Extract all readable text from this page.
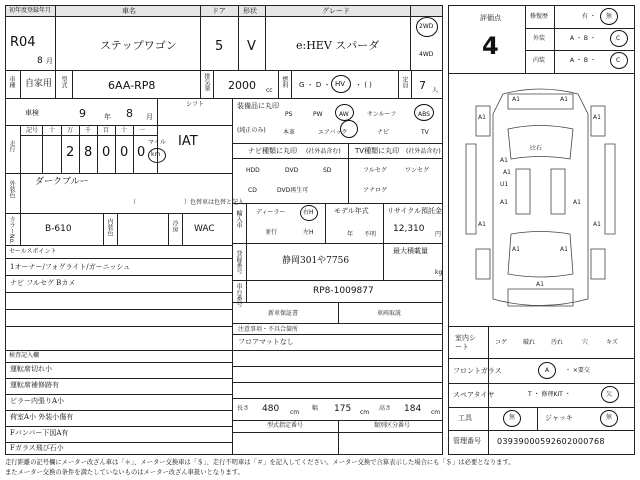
初年度登録年月
R04
8 月
車名
ステップワゴン
ドア
5
形状
V
グレード
e:HEV スパーダ
2WD
4WD
車種 自家用 型式	6AA-RP8	排気量 2000 cc
燃料 G ・ D ・ HV ・ ( )	定員 7 人
車検	9	年 8 月
シフト
IAT
走行
記号 十 万 千 百 十 一
2 8 0 0 0
マイル
km
外装色 ダークブルー
（　　　　　　　　）色替車は色替と記入
カラーNo.	B-610	内装色	冷房 WAC
セールスポイント
1オーナー/フォグライト/ガーニッシュ
ナビ フルセグ Bカメ
検査記入欄
運転席切れ小
運転席補修跡有
ピラー内張りA小
荷室A小 外装小傷有
Fバンパー下図A有
Fガラス飛び石小
装備品に丸印
(純正のみ)
PS	PW	AW	サンルーフ	ABS
本革	エアバック	ナビ	TV
ナビ種類に丸印 (社外品含む) TV種類に丸印 (社外品含む)
HDD	DVD	SD
CD	DVD再生可
フルセグ	ワンセグ
アナログ
輸入車 ディーラー	右H
並行	左H
モデル年式
年 不明
リサイクル預託金
12,310
円
登録番号	静岡301や7756
最大積載量
kg
車台番号	RP8-1009877
新車保証書	車両取説
注意事項・不具合箇所
フロアマットなし
長さ 480 cm
幅 175 cm
高さ 184 cm
型式指定番号	類別区分番号
評価点
4
修復歴	有 ・ 無
外装	A ・ B ・	C
内装	A ・ B ・	C
A1	A1
A1	A1
A1
A1
U1
A1	A1
A1	A1
A1	A1
A1
ﾋﾋ石
室内シート
コゲ	破れ	汚れ	穴	キズ
フロントガラス	A	・ ×要交
スペアタイヤ	T ・ 修理KIT ・	欠
工具	無	ジャッキ	無
管理番号 0393900059260200076​8
走行距離の記号欄にメーター改ざん車は「＊」、メーター交換車は「＄」、走行不明車は「＃」を記入してください。メーター交換で合算表示した場合にも「＄」は必要となります。
またメーター交換の条件を満たしていないものはメーター改ざん車扱いとなります。
